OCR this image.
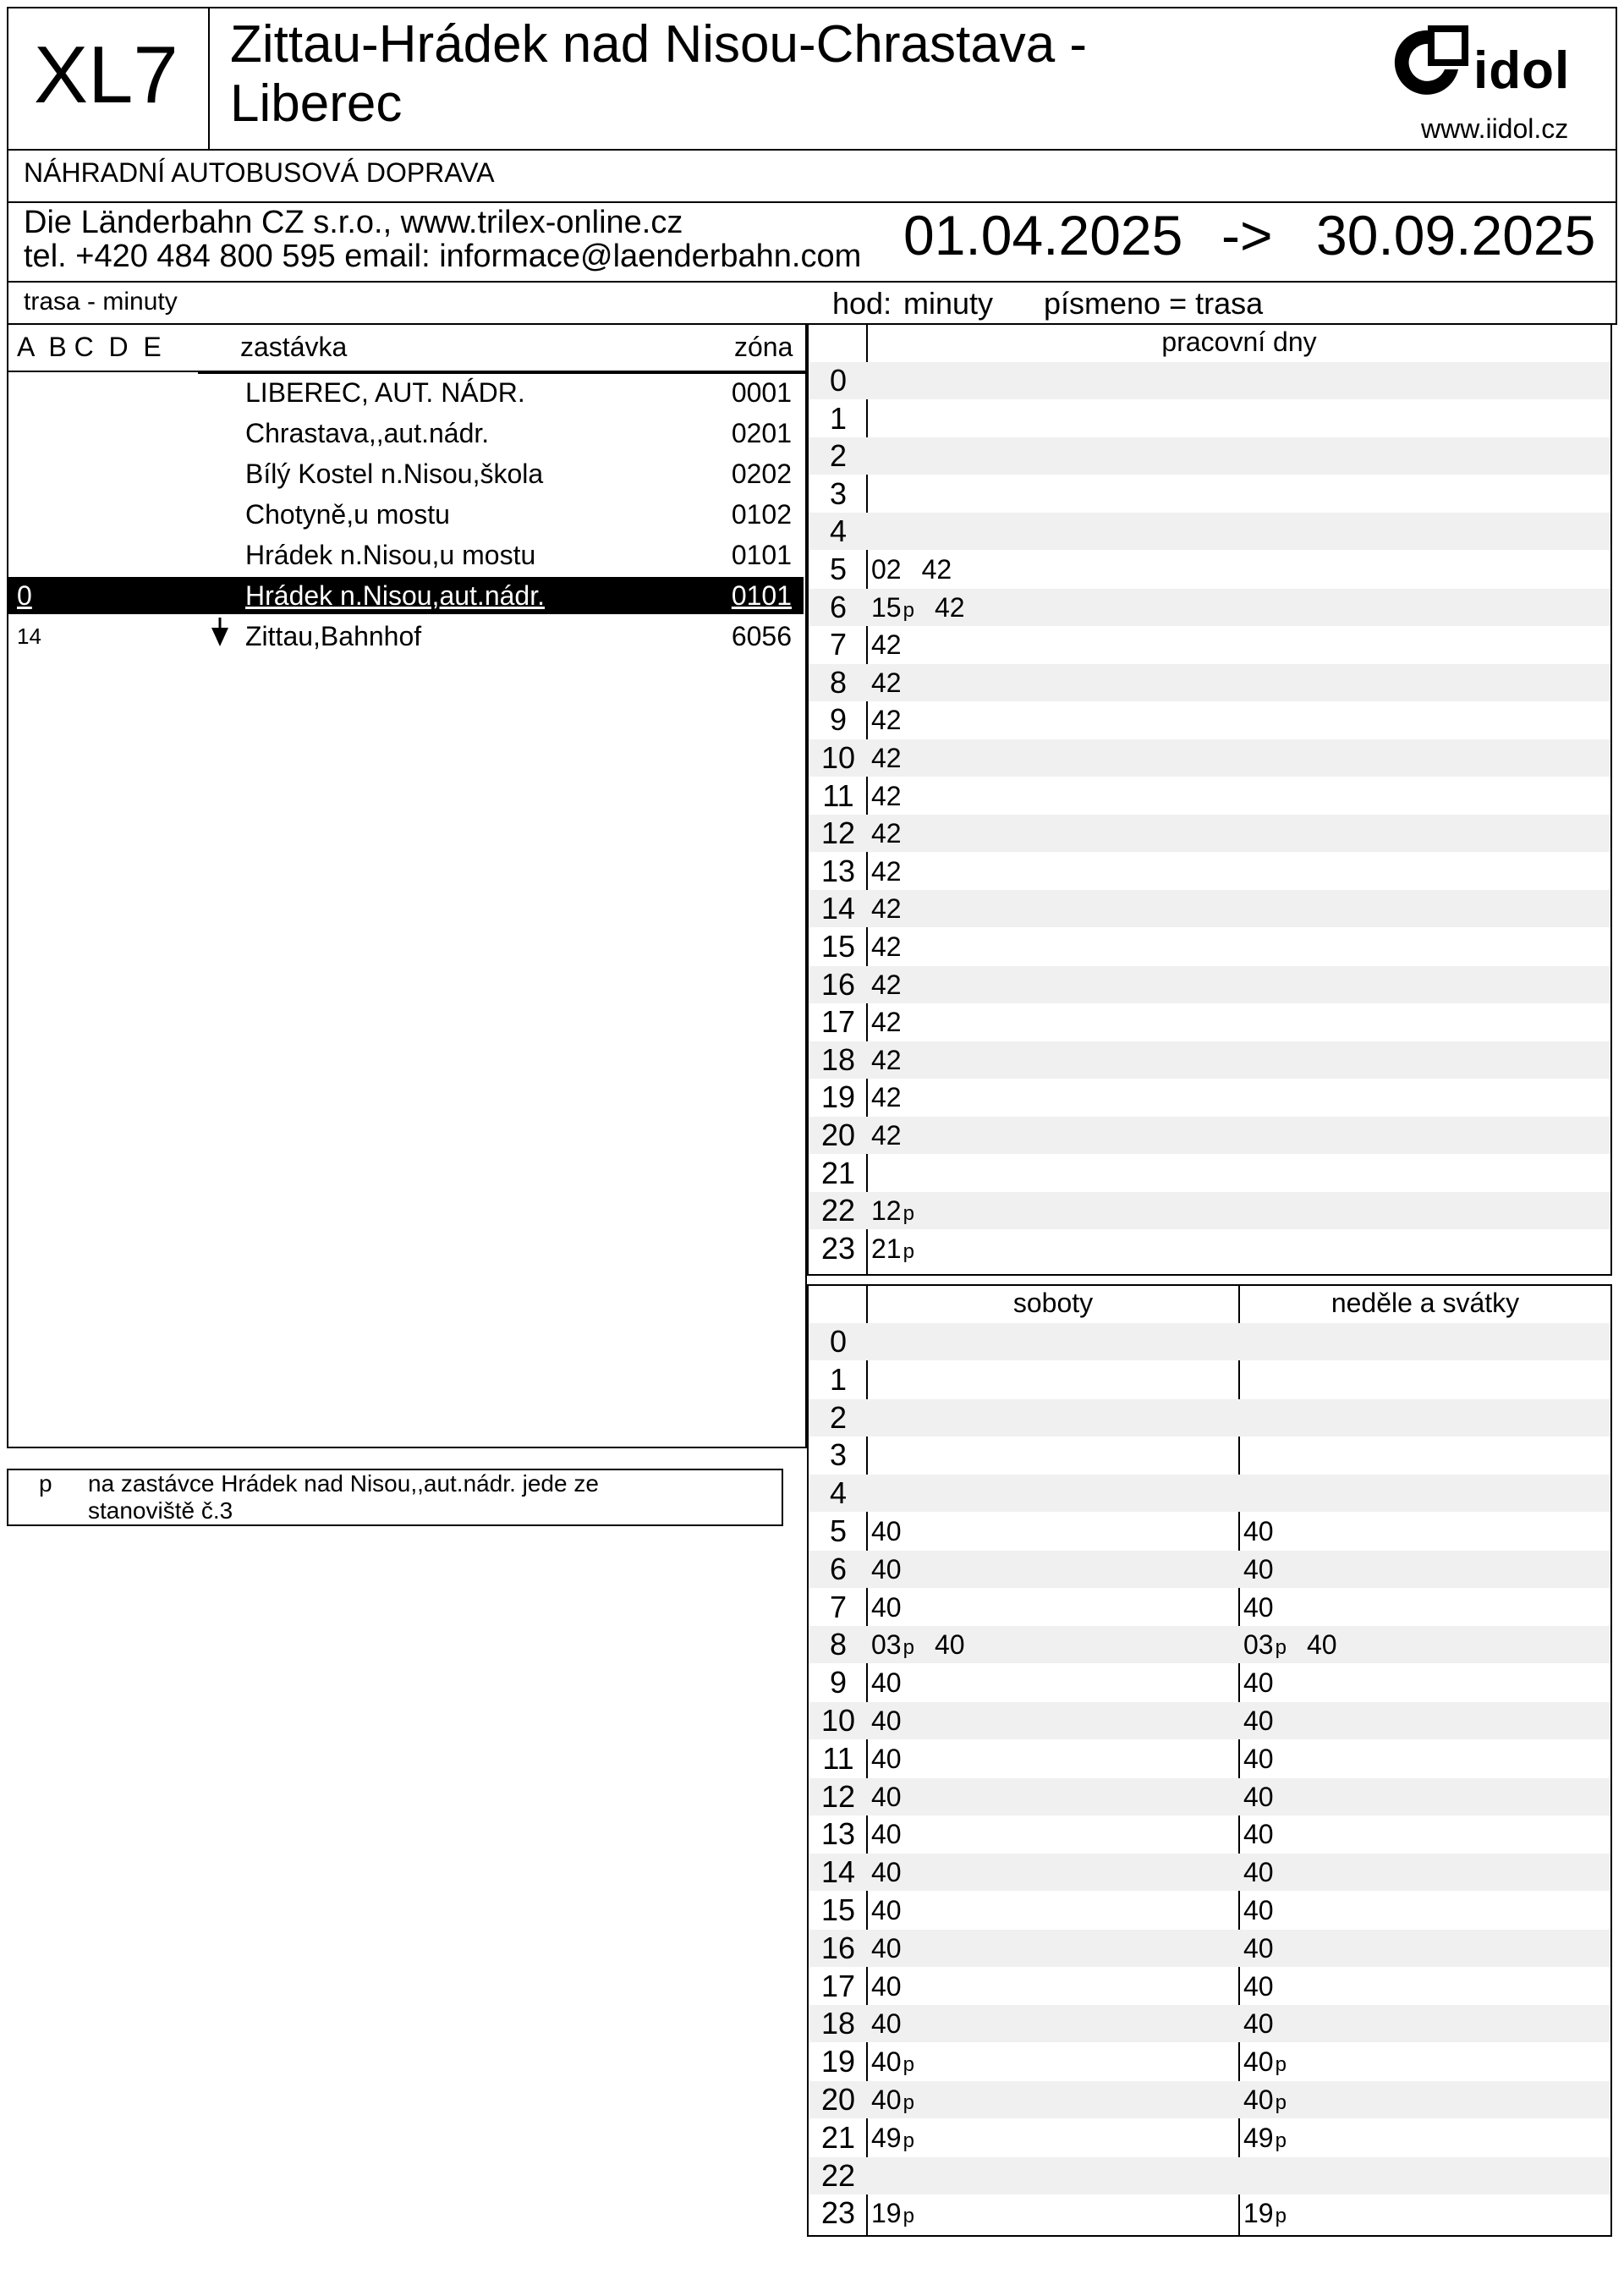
XL7 Zittau-Hrádek nad Nisou-Chrastava -
Liberec
idol
www.iidol.cz
NÁHRADNÍ AUTOBUSOVÁ DOPRAVA
Die Länderbahn CZ s.r.o., www.trilex-online.cz
tel. +420 484 800 595 email: informace@laenderbahn.com 01.04.2025 -> 30.09.2025
trasa - minuty	hod: minuty písmeno = trasa
A  B C  D  E	zastávka	zóna
LIBEREC, AUT. NÁDR.	0001
Chrastava,,aut.nádr.	0201
Bílý Kostel n.Nisou,škola	0202
Chotyně,u mostu	0102
Hrádek n.Nisou,u mostu	0101
0	Hrádek n.Nisou,aut.nádr.	0101
14	Zittau,Bahnhof	6056
p na zastávce Hrádek nad Nisou,,aut.nádr. jede ze
stanoviště č.3
pracovní dny
0
1
2
3
4
5 02 42
6 15p 42
7 42
8 42
9 42
10 42
11 42
12 42
13 42
14 42
15 42
16 42
17 42
18 42
19 42
20 42
21
22 12p
23 21p
soboty	neděle a svátky
0
1
2
3
4
5 40	40
6 40	40
7 40	40
8 03p 40	03p 40
9 40	40
10 40	40
11 40	40
12 40	40
13 40	40
14 40	40
15 40	40
16 40	40
17 40	40
18 40	40
19 40p	40p
20 40p	40p
21 49p	49p
22
23 19p	19p
